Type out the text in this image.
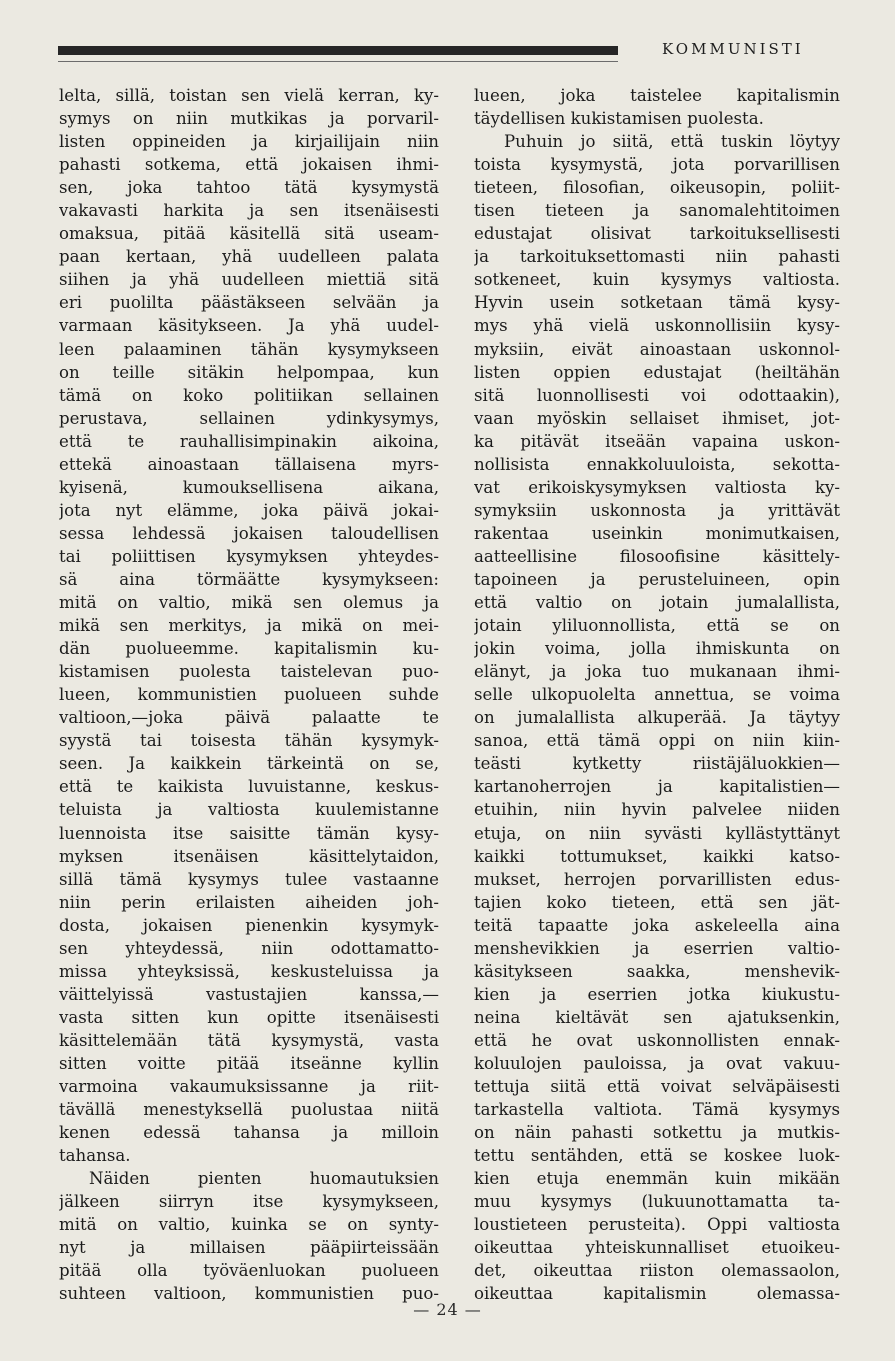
KOMMUNISTI
lelta, sillä, toistan sen vielä kerran, ky-
symys on niin mutkikas ja porvaril-
listen oppineiden ja kirjailijain niin
pahasti sotkema, että jokaisen ihmi-
sen, joka tahtoo tätä kysymystä
vakavasti harkita ja sen itsenäisesti
omaksua, pitää käsitellä sitä useam-
paan kertaan, yhä uudelleen palata
siihen ja yhä uudelleen miettiä sitä
eri puolilta päästäkseen selvään ja
varmaan käsitykseen. Ja yhä uudel-
leen palaaminen tähän kysymykseen
on teille sitäkin helpompaa, kun
tämä on koko politiikan sellainen
perustava, sellainen ydinkysymys,
että te rauhallisimpinakin aikoina,
ettekä ainoastaan tällaisena myrs-
kyisenä, kumouksellisena aikana,
jota nyt elämme, joka päivä jokai-
sessa lehdessä jokaisen taloudellisen
tai poliittisen kysymyksen yhteydes-
sä aina törmäätte kysymykseen:
mitä on valtio, mikä sen olemus ja
mikä sen merkitys, ja mikä on mei-
dän puolueemme. kapitalismin ku-
kistamisen puolesta taistelevan puo-
lueen, kommunistien puolueen suhde
valtioon,—joka päivä palaatte te
syystä tai toisesta tähän kysymyk-
seen. Ja kaikkein tärkeintä on se,
että te kaikista luvuistanne, keskus-
teluista ja valtiosta kuulemistanne
luennoista itse saisitte tämän kysy-
myksen itsenäisen käsittelytaidon,
sillä tämä kysymys tulee vastaanne
niin perin erilaisten aiheiden joh-
dosta, jokaisen pienenkin kysymyk-
sen yhteydessä, niin odottamatto-
missa yhteyksissä, keskusteluissa ja
väittelyissä vastustajien kanssa,—
vasta sitten kun opitte itsenäisesti
käsittelemään tätä kysymystä, vasta
sitten voitte pitää itseänne kyllin
varmoina vakaumuksissanne ja riit-
tävällä menestyksellä puolustaa niitä
kenen edessä tahansa ja milloin
tahansa.
Näiden pienten huomautuksien
jälkeen siirryn itse kysymykseen,
mitä on valtio, kuinka se on synty-
nyt ja millaisen pääpiirteissään
pitää olla työväenluokan puolueen
suhteen valtioon, kommunistien puo-
lueen, joka taistelee kapitalismin
täydellisen kukistamisen puolesta.
Puhuin jo siitä, että tuskin löytyy
toista kysymystä, jota porvarillisen
tieteen, filosofian, oikeusopin, poliit-
tisen tieteen ja sanomalehtitoimen
edustajat olisivat tarkoituksellisesti
ja tarkoituksettomasti niin pahasti
sotkeneet, kuin kysymys valtiosta.
Hyvin usein sotketaan tämä kysy-
mys yhä vielä uskonnollisiin kysy-
myksiin, eivät ainoastaan uskonnol-
listen oppien edustajat (heiltähän
sitä luonnollisesti voi odottaakin),
vaan myöskin sellaiset ihmiset, jot-
ka pitävät itseään vapaina uskon-
nollisista ennakkoluuloista, sekotta-
vat erikoiskysymyksen valtiosta ky-
symyksiin uskonnosta ja yrittävät
rakentaa useinkin monimutkaisen,
aatteellisine filosoofisine käsittely-
tapoineen ja perusteluineen, opin
että valtio on jotain jumalallista,
jotain yliluonnollista, että se on
jokin voima, jolla ihmiskunta on
elänyt, ja joka tuo mukanaan ihmi-
selle ulkopuolelta annettua, se voima
on jumalallista alkuperää. Ja täytyy
sanoa, että tämä oppi on niin kiin-
teästi kytketty riistäjäluokkien—
kartanoherrojen ja kapitalistien—
etuihin, niin hyvin palvelee niiden
etuja, on niin syvästi kyllästyttänyt
kaikki tottumukset, kaikki katso-
mukset, herrojen porvarillisten edus-
tajien koko tieteen, että sen jät-
teitä tapaatte joka askeleella aina
menshevikkien ja eserrien valtio-
käsitykseen saakka, menshevik-
kien ja eserrien jotka kiukustu-
neina kieltävät sen ajatuksenkin,
että he ovat uskonnollisten ennak-
koluulojen pauloissa, ja ovat vakuu-
tettuja siitä että voivat selväpäisesti
tarkastella valtiota. Tämä kysymys
on näin pahasti sotkettu ja mutkis-
tettu sentähden, että se koskee luok-
kien etuja enemmän kuin mikään
muu kysymys (lukuunottamatta ta-
loustieteen perusteita). Oppi valtiosta
oikeuttaa yhteiskunnalliset etuoikeu-
det, oikeuttaa riiston olemassaolon,
oikeuttaa kapitalismin olemassa-
— 24 —
